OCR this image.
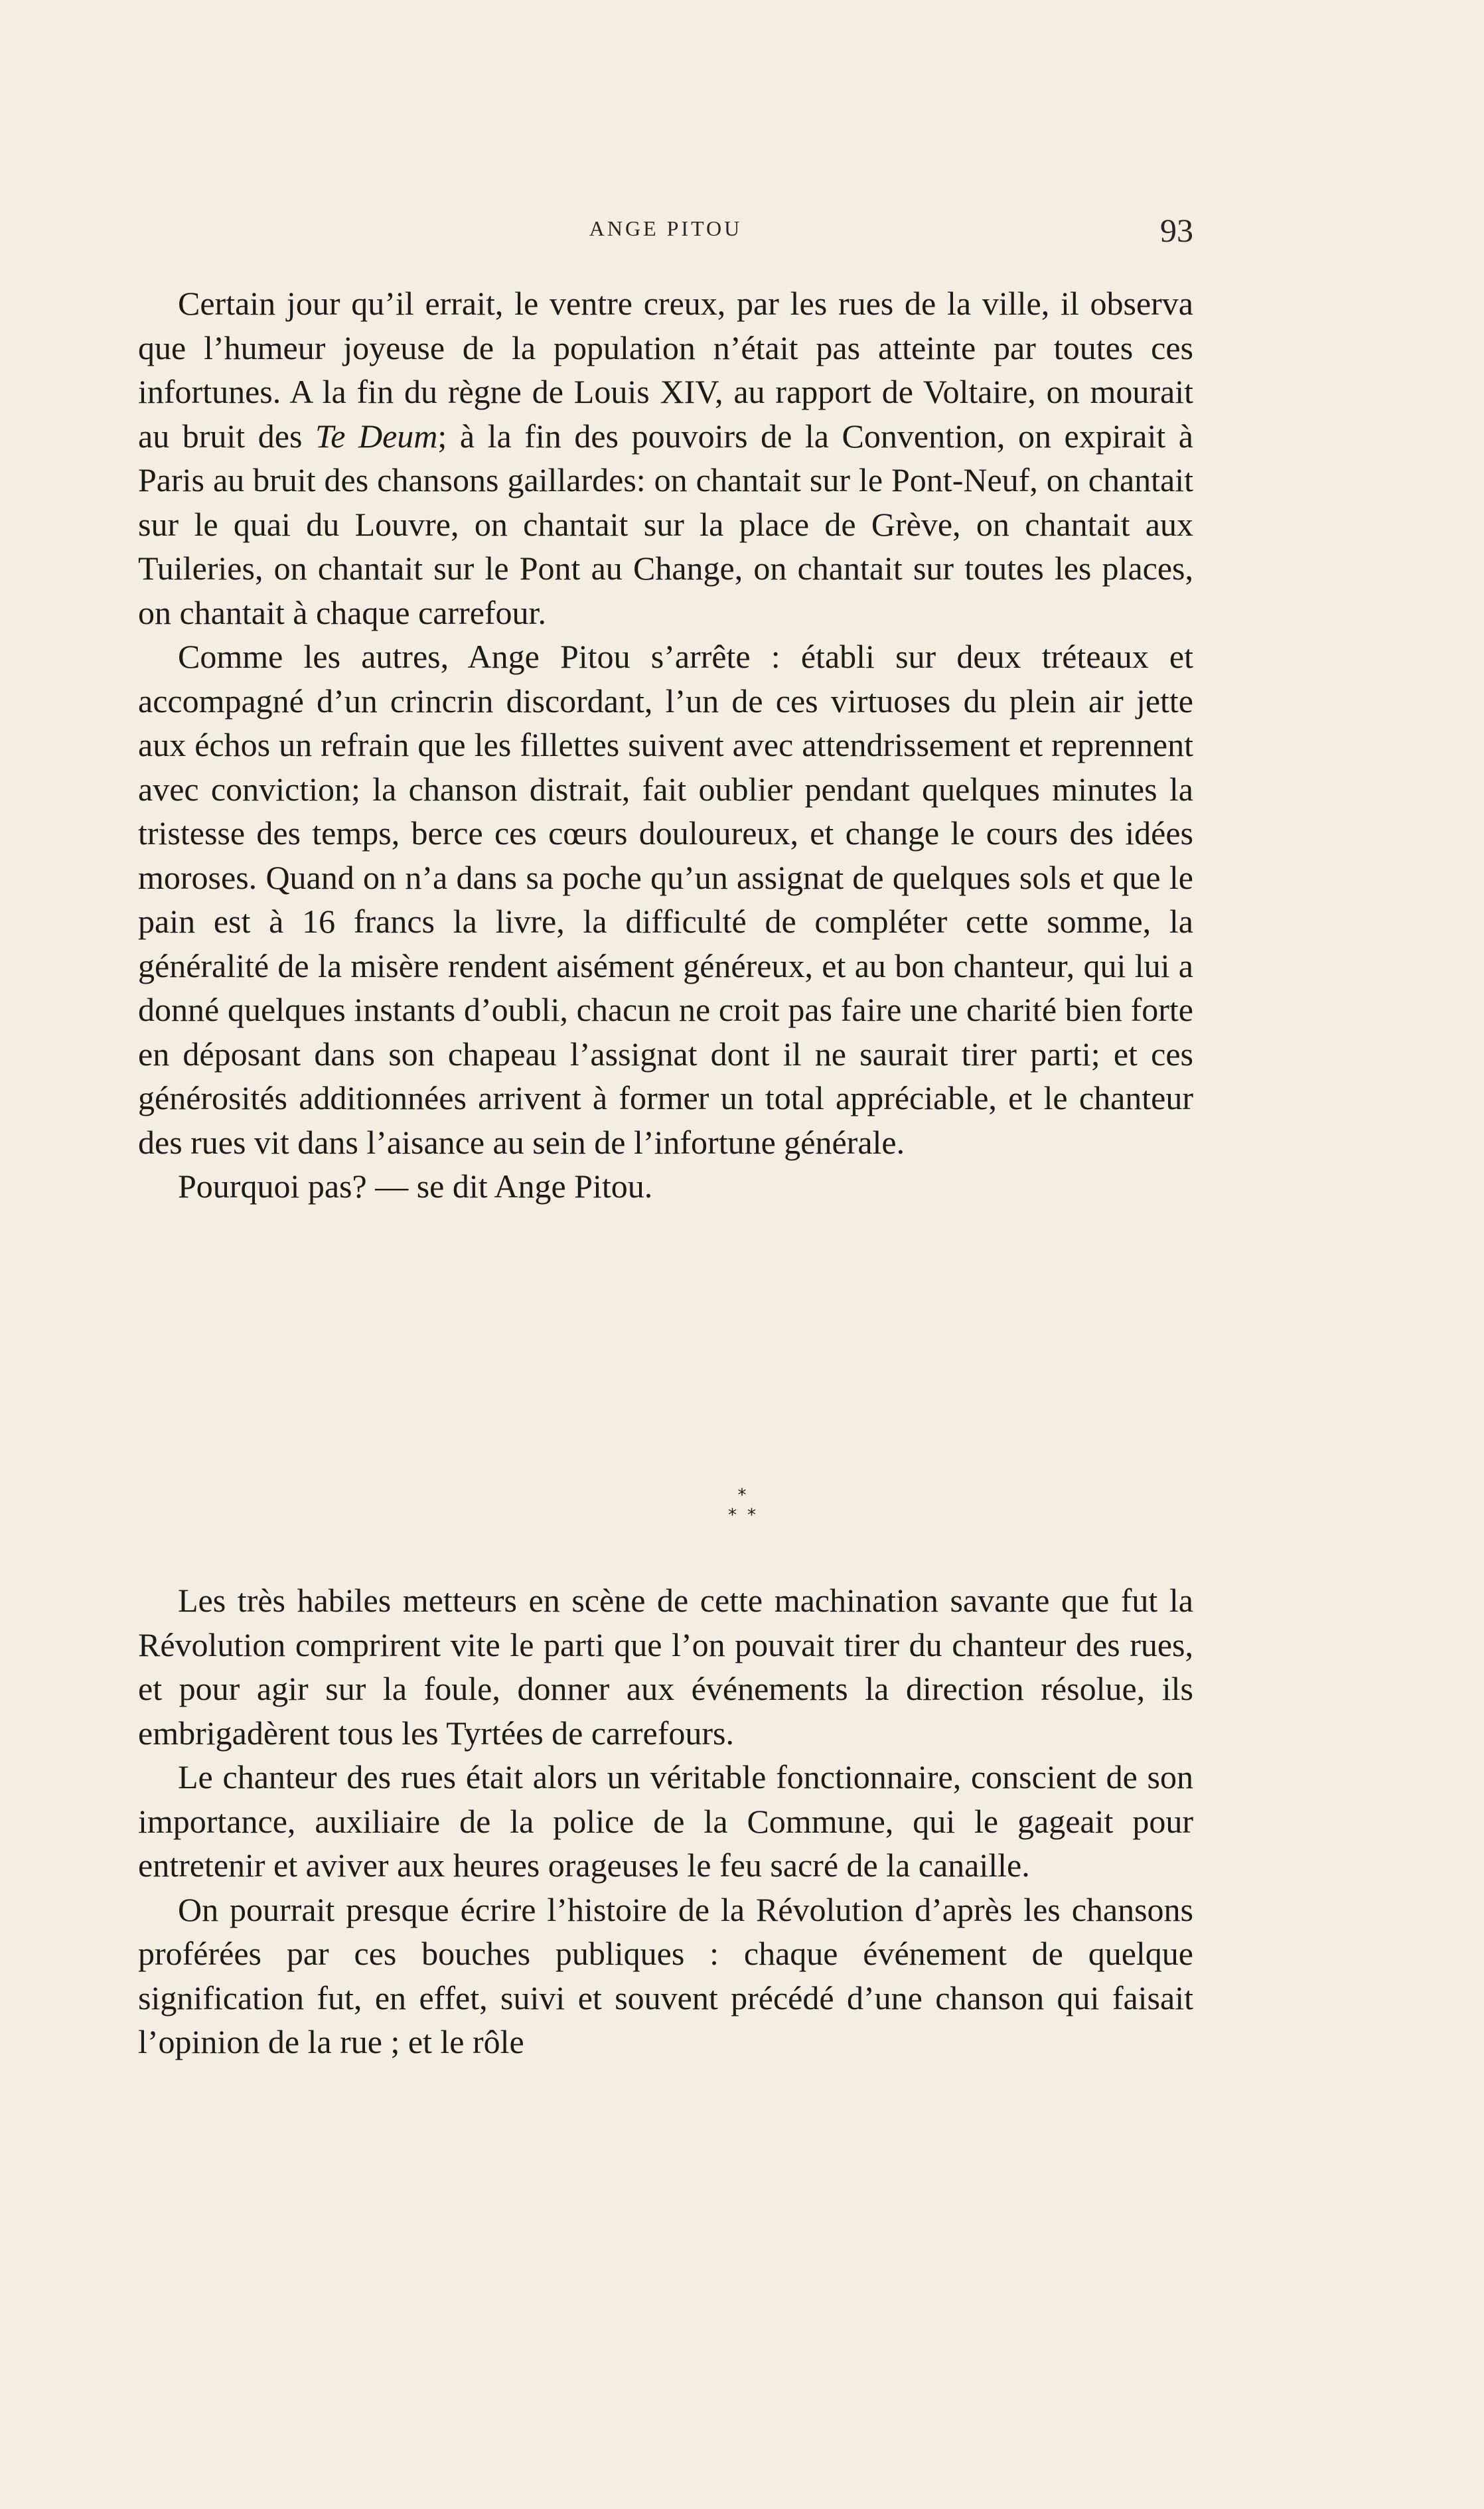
ANGE PITOU	93

Certain jour qu’il errait, le ventre creux, par les rues de la ville, il observa que l’humeur joyeuse de la population n’était pas atteinte par toutes ces infortunes. A la fin du règne de Louis XIV, au rapport de Voltaire, on mourait au bruit des Te Deum; à la fin des pouvoirs de la Convention, on expirait à Paris au bruit des chansons gaillardes: on chantait sur le Pont-Neuf, on chantait sur le quai du Louvre, on chantait sur la place de Grève, on chantait aux Tuileries, on chantait sur le Pont au Change, on chantait sur toutes les places, on chantait à chaque carrefour.

Comme les autres, Ange Pitou s’arrête : établi sur deux tréteaux et accompagné d’un crincrin discordant, l’un de ces virtuoses du plein air jette aux échos un refrain que les fillettes suivent avec attendrissement et reprennent avec conviction; la chanson distrait, fait oublier pendant quelques minutes la tristesse des temps, berce ces cœurs douloureux, et change le cours des idées moroses. Quand on n’a dans sa poche qu’un assignat de quelques sols et que le pain est à 16 francs la livre, la difficulté de compléter cette somme, la généralité de la misère rendent aisément généreux, et au bon chanteur, qui lui a donné quelques instants d’oubli, chacun ne croit pas faire une charité bien forte en déposant dans son chapeau l’assignat dont il ne saurait tirer parti; et ces générosités additionnées arrivent à former un total appréciable, et le chanteur des rues vit dans l’aisance au sein de l’infortune générale.

Pourquoi pas? — se dit Ange Pitou.

*
* *

Les très habiles metteurs en scène de cette machination savante que fut la Révolution comprirent vite le parti que l’on pouvait tirer du chanteur des rues, et pour agir sur la foule, donner aux événements la direction résolue, ils embrigadèrent tous les Tyrtées de carrefours.

Le chanteur des rues était alors un véritable fonctionnaire, conscient de son importance, auxiliaire de la police de la Commune, qui le gageait pour entretenir et aviver aux heures orageuses le feu sacré de la canaille.

On pourrait presque écrire l’histoire de la Révolution d’après les chansons proférées par ces bouches publiques : chaque événement de quelque signification fut, en effet, suivi et souvent précédé d’une chanson qui faisait l’opinion de la rue ; et le rôle
